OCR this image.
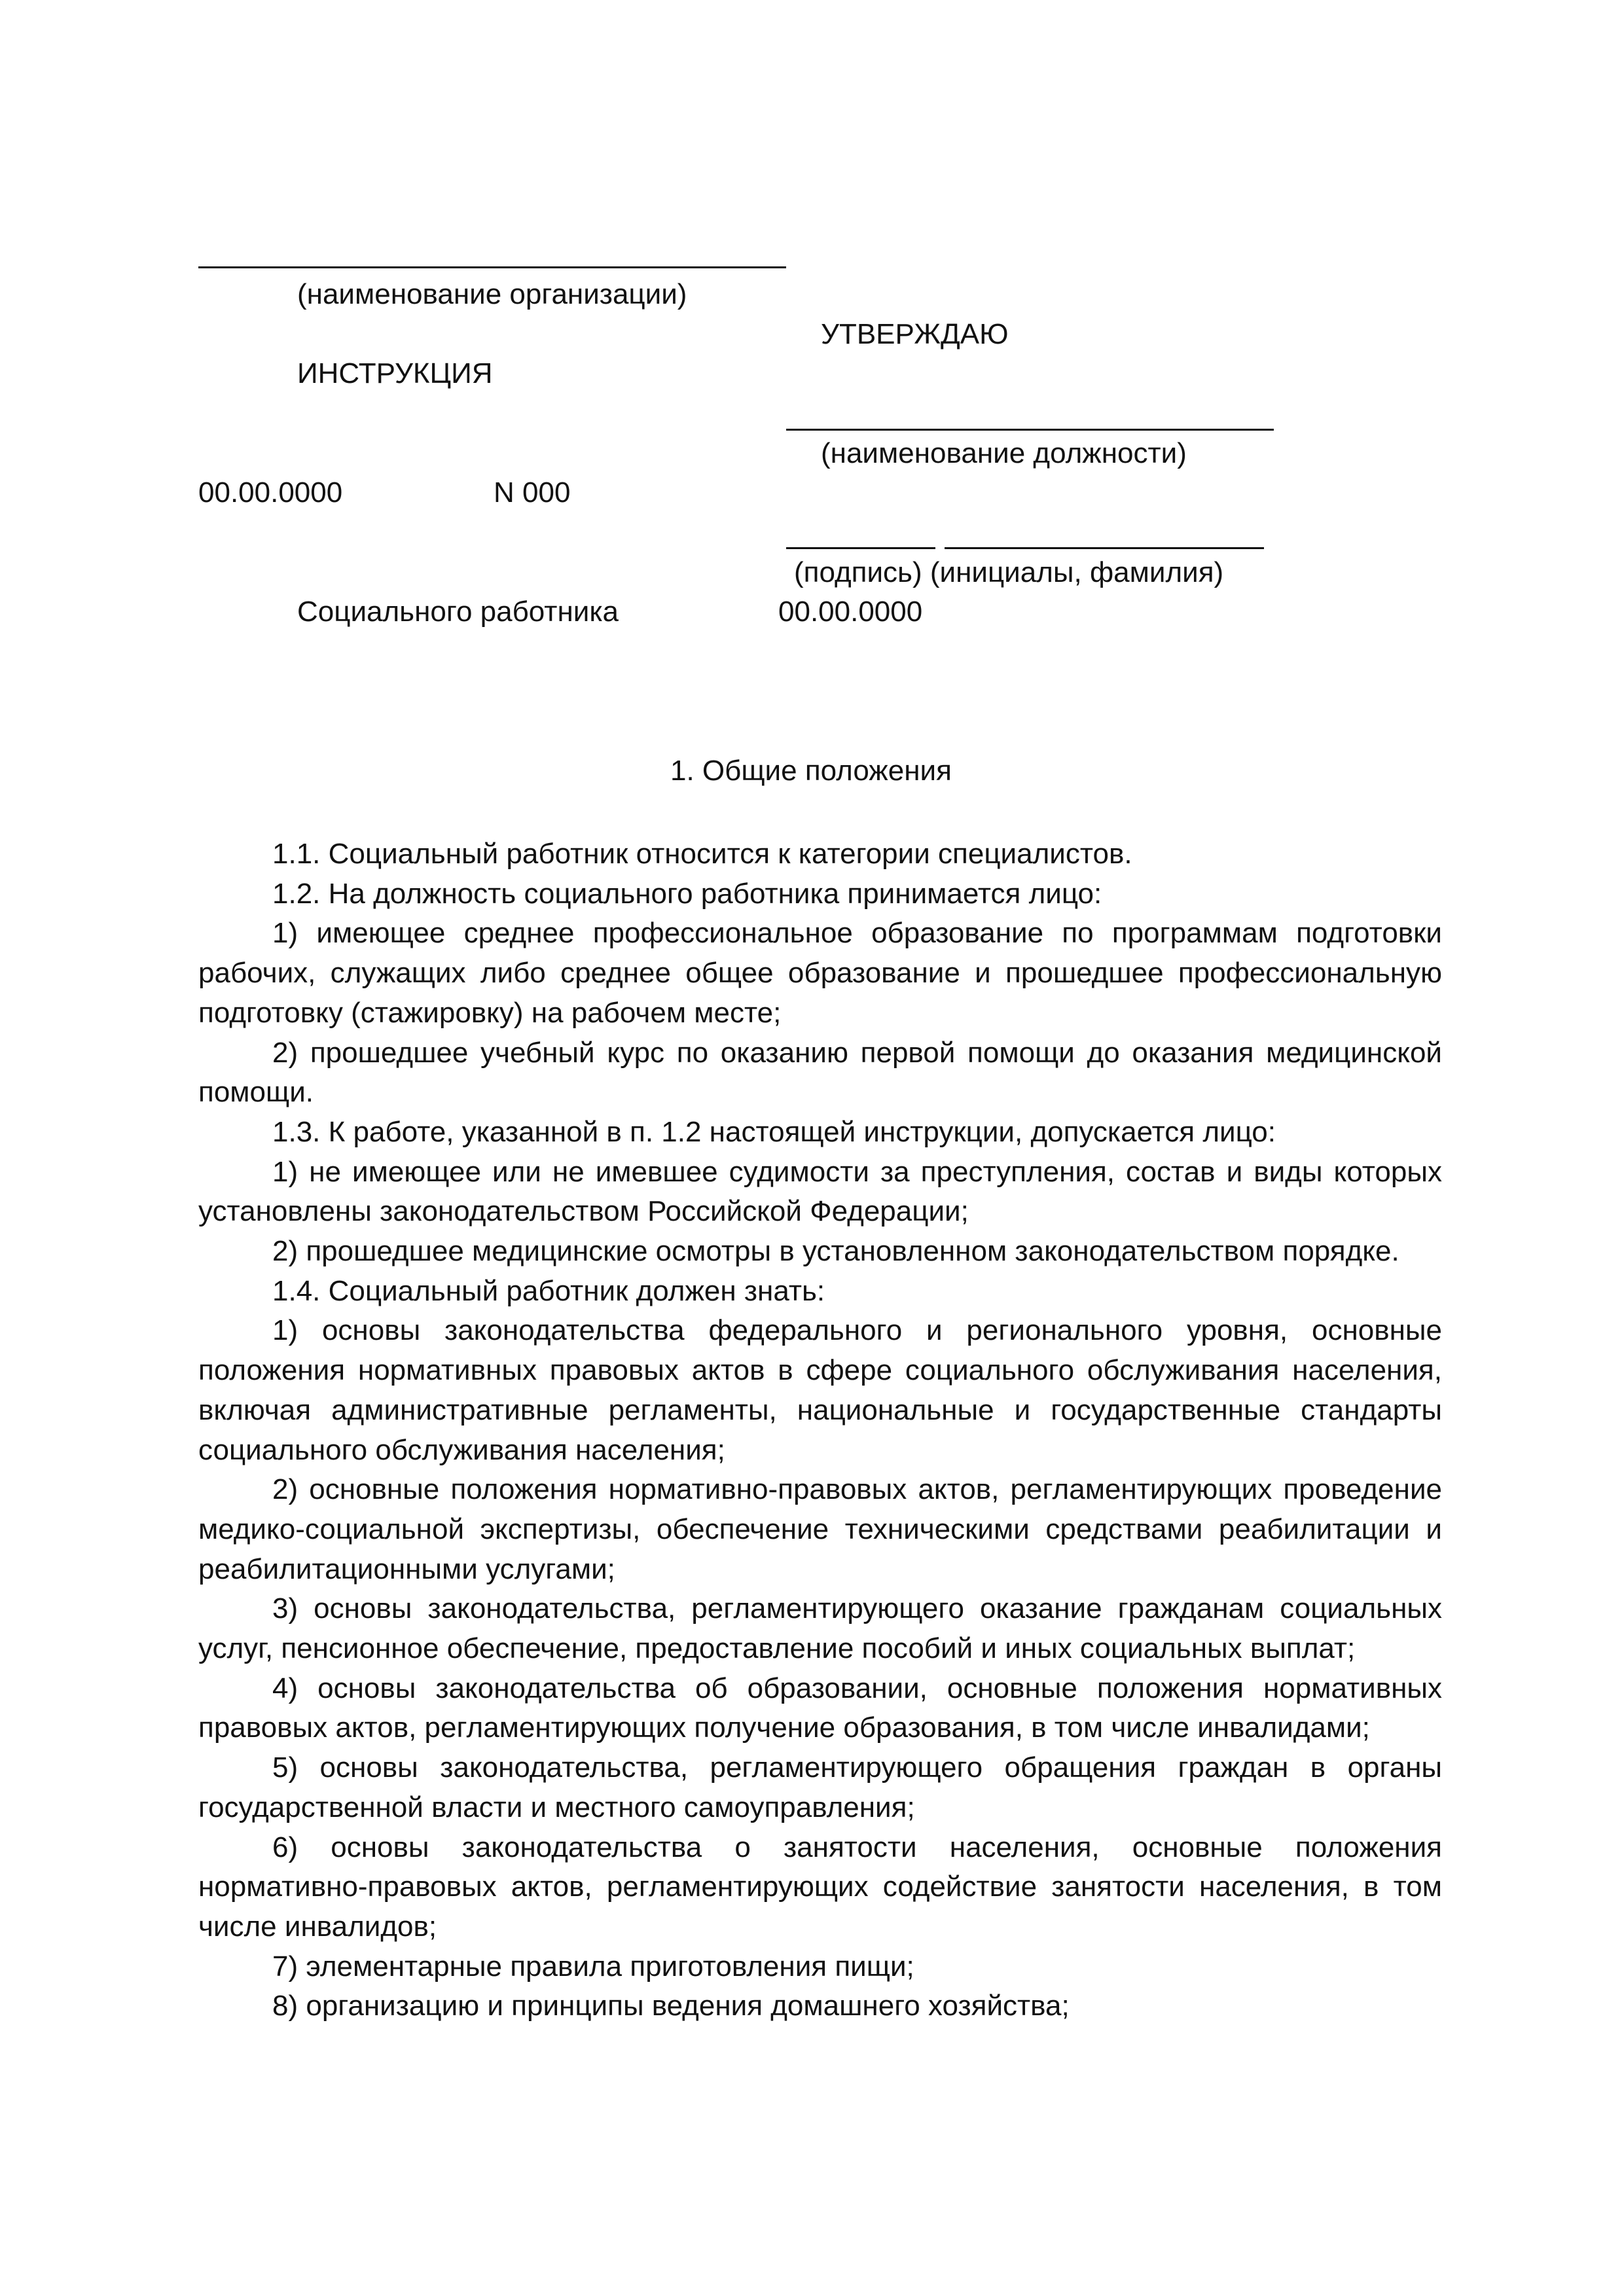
(наименование организации)
ИНСТРУКЦИЯ
00.00.0000	N 000
Социального работника
УТВЕРЖДАЮ
(наименование должности)
(подпись) (инициалы, фамилия)
00.00.0000
1. Общие положения

1.1. Социальный работник относится к категории специалистов.

1.2. На должность социального работника принимается лицо:

1) имеющее среднее профессиональное образование по программам подготовки рабочих, служащих либо среднее общее образование и прошедшее профессиональную подготовку (стажировку) на рабочем месте;

2) прошедшее учебный курс по оказанию первой помощи до оказания медицинской помощи.

1.3. К работе, указанной в п. 1.2 настоящей инструкции, допускается лицо:

1) не имеющее или не имевшее судимости за преступления, состав и виды которых установлены законодательством Российской Федерации;

2) прошедшее медицинские осмотры в установленном законодательством порядке.

1.4. Социальный работник должен знать:

1) основы законодательства федерального и регионального уровня, основные положения нормативных правовых актов в сфере социального обслуживания населения, включая административные регламенты, национальные и государственные стандарты социального обслуживания населения;

2) основные положения нормативно-правовых актов, регламентирующих проведение медико-социальной экспертизы, обеспечение техническими средствами реабилитации и реабилитационными услугами;

3) основы законодательства, регламентирующего оказание гражданам социальных услуг, пенсионное обеспечение, предоставление пособий и иных социальных выплат;

4) основы законодательства об образовании, основные положения нормативных правовых актов, регламентирующих получение образования, в том числе инвалидами;

5) основы законодательства, регламентирующего обращения граждан в органы государственной власти и местного самоуправления;

6) основы законодательства о занятости населения, основные положения нормативно-правовых актов, регламентирующих содействие занятости населения, в том числе инвалидов;

7) элементарные правила приготовления пищи;

8) организацию и принципы ведения домашнего хозяйства;
